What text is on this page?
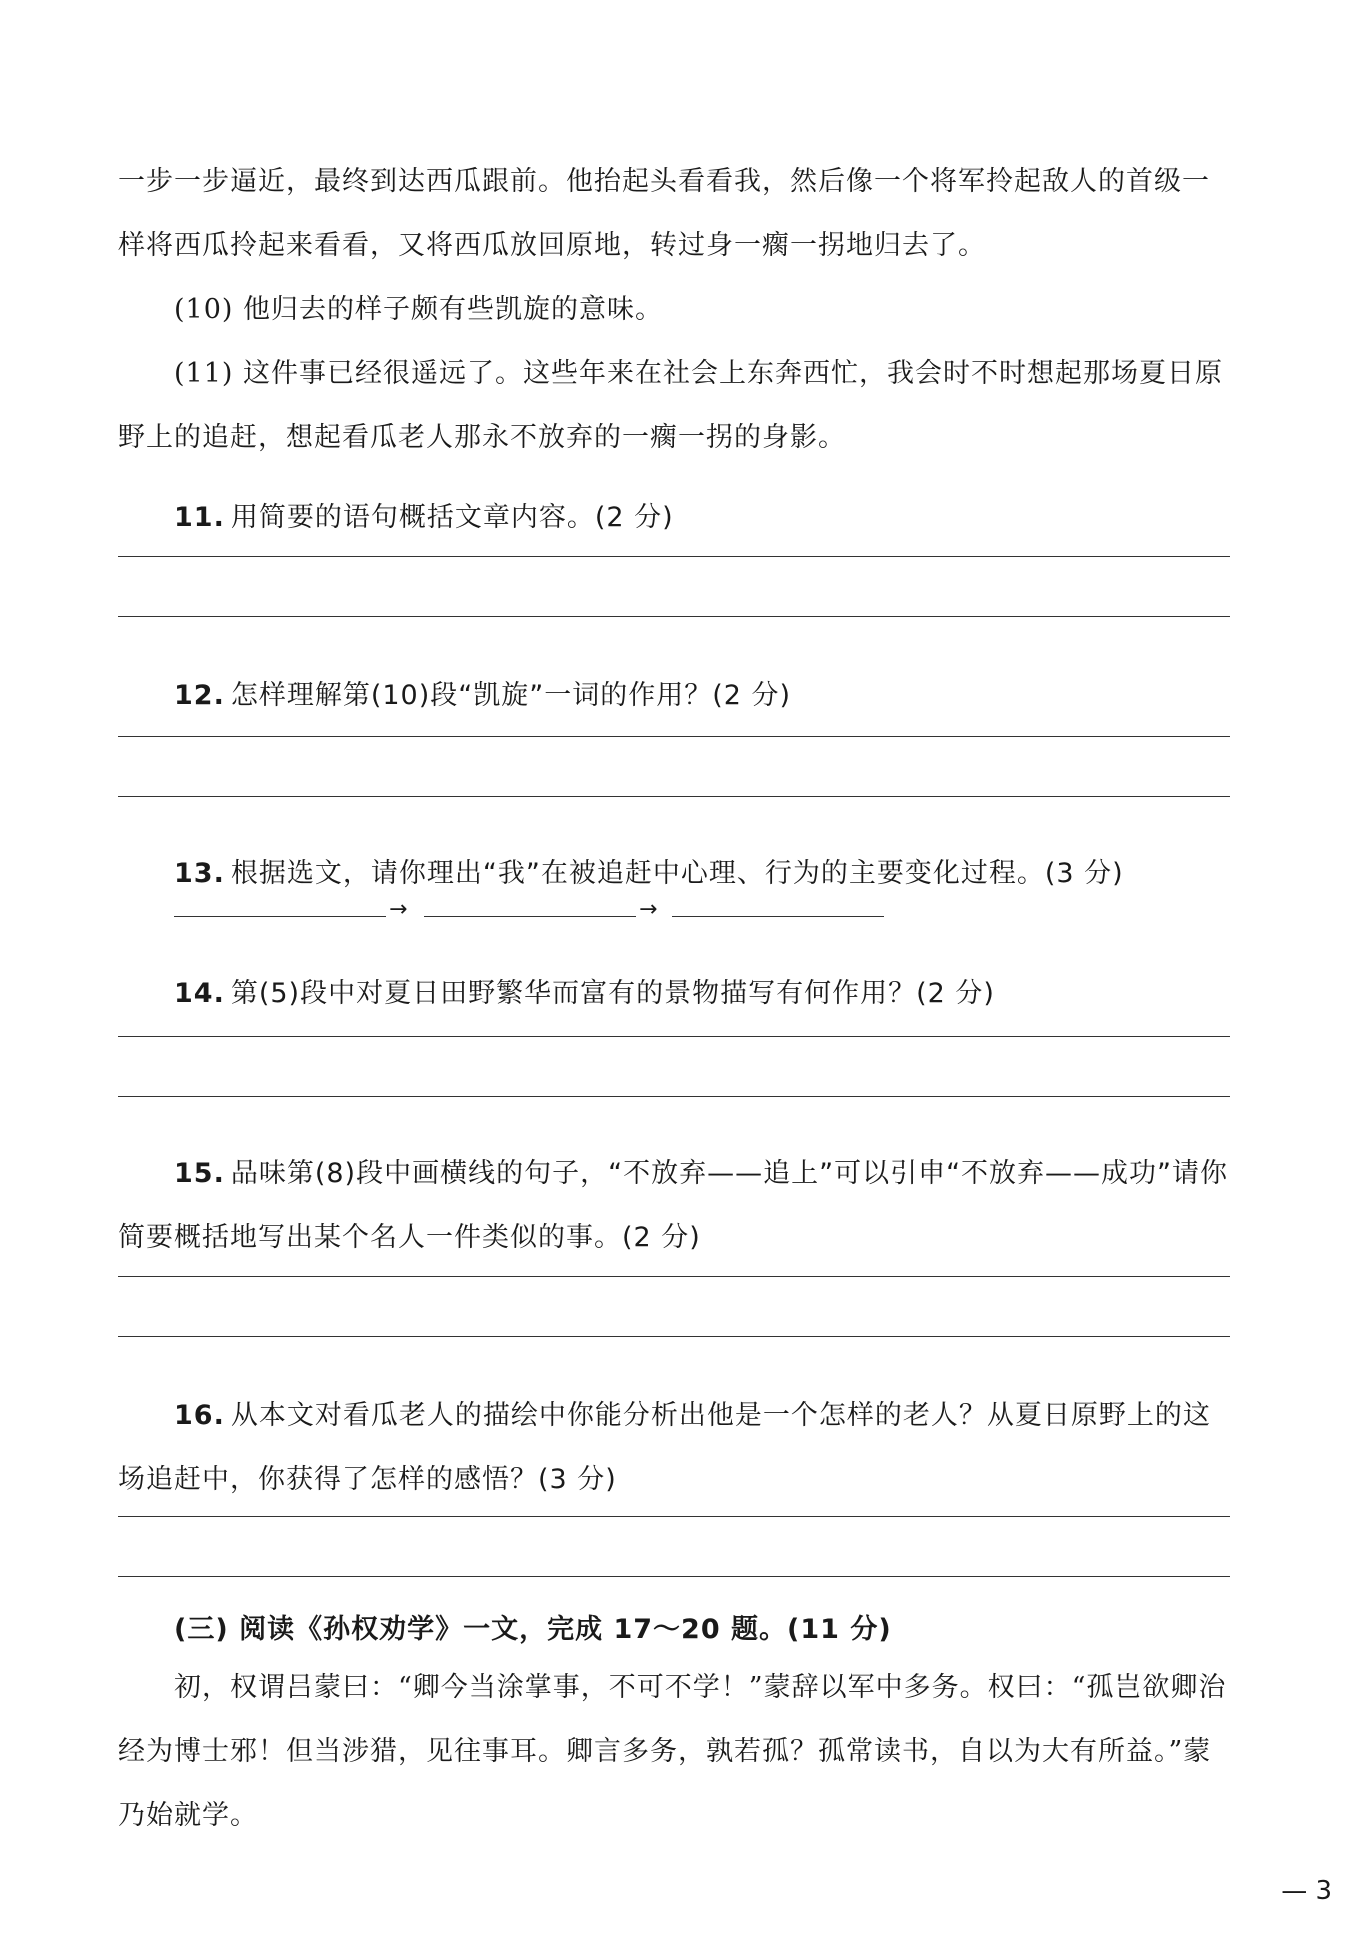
一步一步逼近，最终到达西瓜跟前。他抬起头看看我，然后像一个将军拎起敌人的首级一样将西瓜拎起来看看，又将西瓜放回原地，转过身一瘸一拐地归去了。
(10) 他归去的样子颇有些凯旋的意味。
(11) 这件事已经很遥远了。这些年来在社会上东奔西忙，我会时不时想起那场夏日原野上的追赶，想起看瓜老人那永不放弃的一瘸一拐的身影。
11. 用简要的语句概括文章内容。(2 分)
12. 怎样理解第(10)段“凯旋”一词的作用？(2 分)
13. 根据选文，请你理出“我”在被追赶中心理、行为的主要变化过程。(3 分)
→	→
14. 第(5)段中对夏日田野繁华而富有的景物描写有何作用？(2 分)
15. 品味第(8)段中画横线的句子，“不放弃——追上”可以引申“不放弃——成功”请你简要概括地写出某个名人一件类似的事。(2 分)
16. 从本文对看瓜老人的描绘中你能分析出他是一个怎样的老人？从夏日原野上的这场追赶中，你获得了怎样的感悟？(3 分)
(三) 阅读《孙权劝学》一文，完成 17～20 题。(11 分)
初，权谓吕蒙曰：“卿今当涂掌事，不可不学！”蒙辞以军中多务。权曰：“孤岂欲卿治经为博士邪！但当涉猎，见往事耳。卿言多务，孰若孤？孤常读书，自以为大有所益。”蒙乃始就学。
— 3
